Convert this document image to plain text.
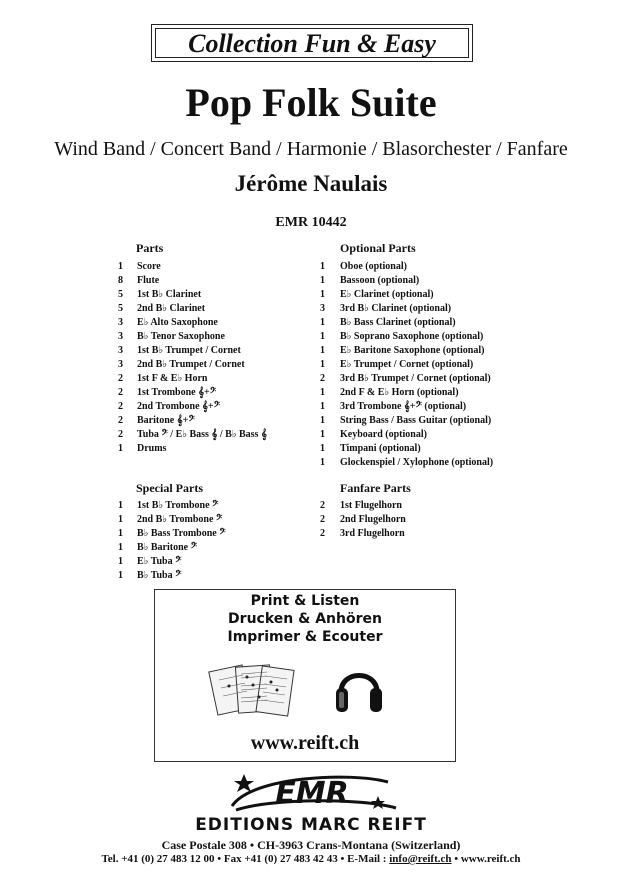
Collection Fun & Easy
Pop Folk Suite
Wind Band / Concert Band / Harmonie / Blasorchester / Fanfare
Jérôme Naulais
EMR 10442
Parts
1	Score
8	Flute
5	1st B♭ Clarinet
5	2nd B♭ Clarinet
3	E♭ Alto Saxophone
3	B♭ Tenor Saxophone
3	1st B♭ Trumpet / Cornet
3	2nd B♭ Trumpet / Cornet
2	1st F & E♭ Horn
2	1st Trombone 𝄞+𝄢
2	2nd Trombone 𝄞+𝄢
2	Baritone 𝄞+𝄢
2	Tuba 𝄢 / E♭ Bass 𝄞 / B♭ Bass 𝄞
1	Drums
Optional Parts
1	Oboe (optional)
1	Bassoon (optional)
1	E♭ Clarinet (optional)
3	3rd B♭ Clarinet (optional)
1	B♭ Bass Clarinet (optional)
1	B♭ Soprano Saxophone (optional)
1	E♭ Baritone Saxophone (optional)
1	E♭ Trumpet / Cornet (optional)
2	3rd B♭ Trumpet / Cornet (optional)
1	2nd F & E♭ Horn (optional)
1	3rd Trombone 𝄞+𝄢 (optional)
1	String Bass / Bass Guitar (optional)
1	Keyboard (optional)
1	Timpani (optional)
1	Glockenspiel / Xylophone (optional)
Special Parts
1	1st B♭ Trombone 𝄢
1	2nd B♭ Trombone 𝄢
1	B♭ Bass Trombone 𝄢
1	B♭ Baritone 𝄢
1	E♭ Tuba 𝄢
1	B♭ Tuba 𝄢
Fanfare Parts
2	1st Flugelhorn
2	2nd Flugelhorn
2	3rd Flugelhorn
Print & Listen
Drucken & Anhören
Imprimer & Ecouter
www.reift.ch
EMR
EDITIONS MARC REIFT
Case Postale 308 • CH-3963 Crans-Montana (Switzerland)
Tel. +41 (0) 27 483 12 00 • Fax +41 (0) 27 483 42 43 • E-Mail : info@reift.ch • www.reift.ch
